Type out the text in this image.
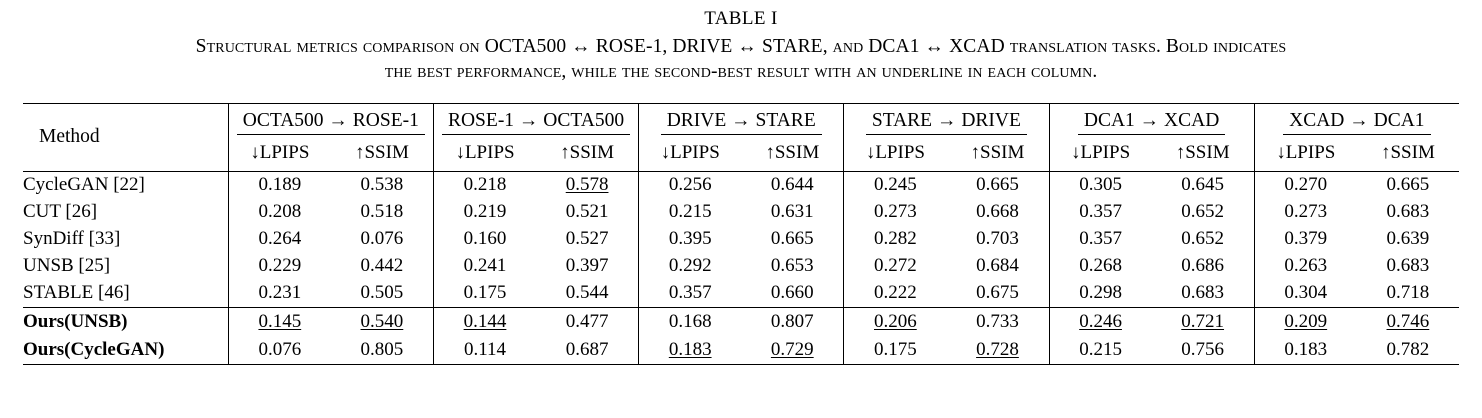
TABLE I
Structural metrics comparison on OCTA500 ↔ ROSE-1, DRIVE ↔ STARE, and DCA1 ↔ XCAD translation tasks. Bold indicates
the best performance, while the second-best result with an underline in each column.

Method	OCTA500 → ROSE-1		ROSE-1 → OCTA500		DRIVE → STARE		STARE → DRIVE		DCA1 → XCAD		XCAD → DCA1	
	↓LPIPS	↑SSIM	↓LPIPS	↑SSIM	↓LPIPS	↑SSIM	↓LPIPS	↑SSIM	↓LPIPS	↑SSIM	↓LPIPS	↑SSIM

CycleGAN [22]	0.189	0.538	0.218	0.578	0.256	0.644	0.245	0.665	0.305	0.645	0.270	0.665
CUT [26]	0.208	0.518	0.219	0.521	0.215	0.631	0.273	0.668	0.357	0.652	0.273	0.683
SynDiff [33]	0.264	0.076	0.160	0.527	0.395	0.665	0.282	0.703	0.357	0.652	0.379	0.639
UNSB [25]	0.229	0.442	0.241	0.397	0.292	0.653	0.272	0.684	0.268	0.686	0.263	0.683
STABLE [46]	0.231	0.505	0.175	0.544	0.357	0.660	0.222	0.675	0.298	0.683	0.304	0.718

Ours(UNSB)	0.145	0.540	0.144	0.477	0.168	0.807	0.206	0.733	0.246	0.721	0.209	0.746
Ours(CycleGAN)	0.076	0.805	0.114	0.687	0.183	0.729	0.175	0.728	0.215	0.756	0.183	0.782
